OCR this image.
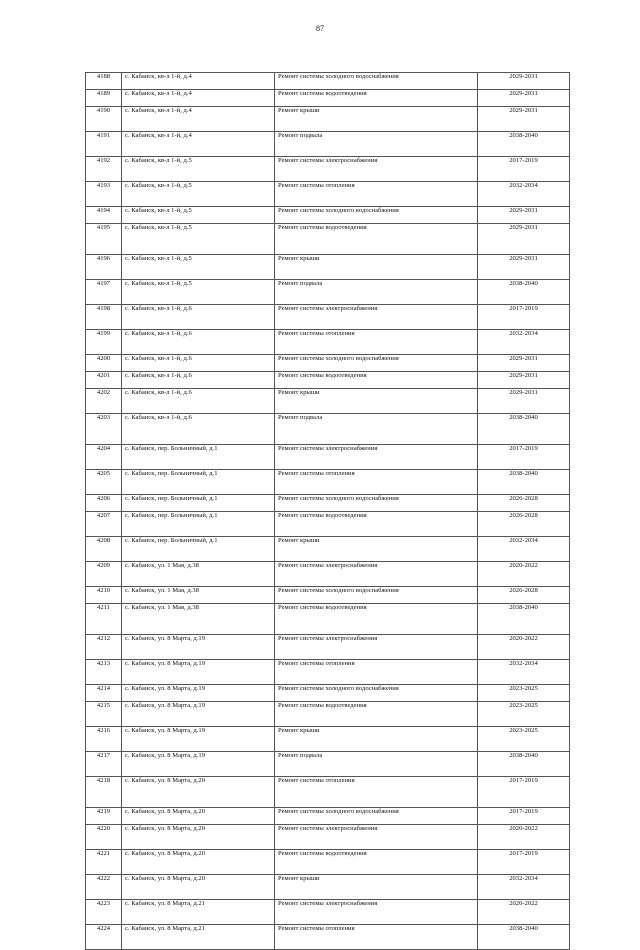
87
4188	с. Кабанск, кв-л 1-й, д.4	Ремонт системы холодного водоснабжения	2029-2031
4189	с. Кабанск, кв-л 1-й, д.4	Ремонт системы водоотведения	2029-2031
4190	с. Кабанск, кв-л 1-й, д.4	Ремонт крыши	2029-2031
4191	с. Кабанск, кв-л 1-й, д.4	Ремонт подвала	2038-2040
4192	с. Кабанск, кв-л 1-й, д.5	Ремонт системы электроснабжения	2017-2019
4193	с. Кабанск, кв-л 1-й, д.5	Ремонт системы отопления	2032-2034
4194	с. Кабанск, кв-л 1-й, д.5	Ремонт системы холодного водоснабжения	2029-2031
4195	с. Кабанск, кв-л 1-й, д.5	Ремонт системы водоотведения	2029-2031
4196	с. Кабанск, кв-л 1-й, д.5	Ремонт крыши	2029-2031
4197	с. Кабанск, кв-л 1-й, д.5	Ремонт подвала	2038-2040
4198	с. Кабанск, кв-л 1-й, д.6	Ремонт системы электроснабжения	2017-2019
4199	с. Кабанск, кв-л 1-й, д.6	Ремонт системы отопления	2032-2034
4200	с. Кабанск, кв-л 1-й, д.6	Ремонт системы холодного водоснабжения	2029-2031
4201	с. Кабанск, кв-л 1-й, д.6	Ремонт системы водоотведения	2029-2031
4202	с. Кабанск, кв-л 1-й, д.6	Ремонт крыши	2029-2031
4203	с. Кабанск, кв-л 1-й, д.6	Ремонт подвала	2038-2040
4204	с. Кабанск, пер. Больничный, д.1	Ремонт системы электроснабжения	2017-2019
4205	с. Кабанск, пер. Больничный, д.1	Ремонт системы отопления	2038-2040
4206	с. Кабанск, пер. Больничный, д.1	Ремонт системы холодного водоснабжения	2026-2028
4207	с. Кабанск, пер. Больничный, д.1	Ремонт системы водоотведения	2026-2028
4208	с. Кабанск, пер. Больничный, д.1	Ремонт крыши	2032-2034
4209	с. Кабанск, ул. 1 Мая, д.38	Ремонт системы электроснабжения	2020-2022
4210	с. Кабанск, ул. 1 Мая, д.38	Ремонт системы холодного водоснабжения	2026-2028
4211	с. Кабанск, ул. 1 Мая, д.38	Ремонт системы водоотведения	2038-2040
4212	с. Кабанск, ул. 8 Марта, д.19	Ремонт системы электроснабжения	2020-2022
4213	с. Кабанск, ул. 8 Марта, д.19	Ремонт системы отопления	2032-2034
4214	с. Кабанск, ул. 8 Марта, д.19	Ремонт системы холодного водоснабжения	2023-2025
4215	с. Кабанск, ул. 8 Марта, д.19	Ремонт системы водоотведения	2023-2025
4216	с. Кабанск, ул. 8 Марта, д.19	Ремонт крыши	2023-2025
4217	с. Кабанск, ул. 8 Марта, д.19	Ремонт подвала	2038-2040
4218	с. Кабанск, ул. 8 Марта, д.20	Ремонт системы отопления	2017-2019
4219	с. Кабанск, ул. 8 Марта, д.20	Ремонт системы холодного водоснабжения	2017-2019
4220	с. Кабанск, ул. 8 Марта, д.20	Ремонт системы электроснабжения	2020-2022
4221	с. Кабанск, ул. 8 Марта, д.20	Ремонт системы водоотведения	2017-2019
4222	с. Кабанск, ул. 8 Марта, д.20	Ремонт крыши	2032-2034
4223	с. Кабанск, ул. 8 Марта, д.21	Ремонт системы электроснабжения	2020-2022
4224	с. Кабанск, ул. 8 Марта, д.21	Ремонт системы отопления	2038-2040
